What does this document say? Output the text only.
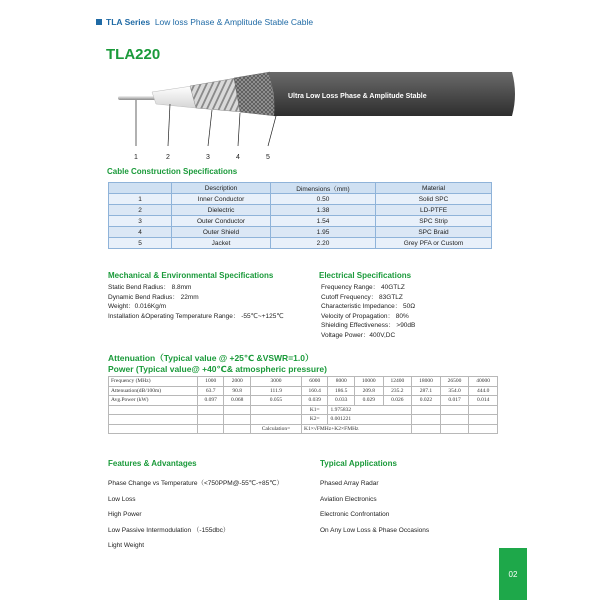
TLA Series Low loss Phase & Amplitude Stable Cable
TLA220
Ultra Low Loss Phase & Amplitude Stable
1	2	3	4	5
Cable Construction Specifications
	Description	Dimensions（mm)	Material
1	Inner Conductor	0.50	Solid SPC
2	Dielectric	1.38	LD-PTFE
3	Outer Conductor	1.54	SPC Strip
4	Outer Shield	1.95	SPC Braid
5	Jacket	2.20	Grey PFA or Custom
Mechanical & Environmental Specifications
Static Bend Radius： 8.8mm
Dynamic Bend Radius： 22mm
Weight：0.016Kg/m
Installation &Operating Temperature Range： -55℃~+125℃
Electrical Specifications
Frequency Range： 40GTLZ
Cutoff Frequency： 83GTLZ
Characteristic Impedance： 50Ω
Velocity of Propagation： 80%
Shielding Effectiveness： >90dB
Voltage Power：400V,DC
Attenuation（Typical value @ +25℃ &VSWR=1.0）
Power (Typical value@ +40℃& atmospheric pressure)
Frequency (MHz)	1000	2000	3000	6000	8000	10000	12400	18000	26500	40000
Attenuation(dB/100m)	63.7	90.8	111.9	160.4	186.5	209.8	235.2	287.1	354.0	444.0
Avg.Power (kW)	0.097	0.068	0.055	0.039	0.033	0.029	0.026	0.022	0.017	0.014
				K1=	1.975832					
				K2=	0.001221					
			Calculation=	K1×√FMHz+K2×FMHz						
Features & Advantages
Phase Change vs Temperature（<750PPM@-55℃-+85℃）
Low Loss
High Power
Low Passive Intermodulation （-155dbc）
Light Weight
Typical Applications
Phased Array Radar
Aviation Electronics
Electronic Confrontation
On Any Low Loss & Phase Occasions
02
